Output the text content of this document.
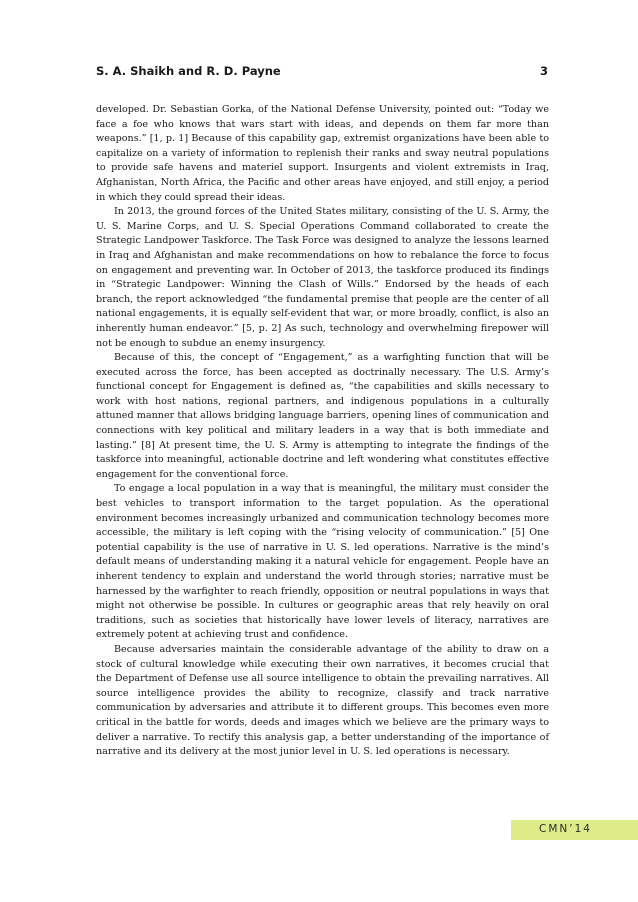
S. A. Shaikh and R. D. Payne	3

developed. Dr. Sebastian Gorka, of the National Defense University, pointed out: “Today we face a foe who knows that wars start with ideas, and depends on them far more than weapons.” [1, p. 1] Because of this capability gap, extremist organizations have been able to capitalize on a variety of information to replenish their ranks and sway neutral populations to provide safe havens and materiel support. Insurgents and violent extremists in Iraq, Afghanistan, North Africa, the Pacific and other areas have enjoyed, and still enjoy, a period in which they could spread their ideas.

In 2013, the ground forces of the United States military, consisting of the U. S. Army, the U. S. Marine Corps, and U. S. Special Operations Command collaborated to create the Strategic Landpower Taskforce. The Task Force was designed to analyze the lessons learned in Iraq and Afghanistan and make recommendations on how to rebalance the force to focus on engagement and preventing war. In October of 2013, the taskforce produced its findings in “Strategic Landpower: Winning the Clash of Wills.” Endorsed by the heads of each branch, the report acknowledged “the fundamental premise that people are the center of all national engagements, it is equally self-evident that war, or more broadly, conflict, is also an inherently human endeavor.” [5, p. 2] As such, technology and overwhelming firepower will not be enough to subdue an enemy insurgency.

Because of this, the concept of “Engagement,” as a warfighting function that will be executed across the force, has been accepted as doctrinally necessary. The U.S. Army’s functional concept for Engagement is defined as, “the capabilities and skills necessary to work with host nations, regional partners, and indigenous populations in a culturally attuned manner that allows bridging language barriers, opening lines of communication and connections with key political and military leaders in a way that is both immediate and lasting.” [8] At present time, the U. S. Army is attempting to integrate the findings of the taskforce into meaningful, actionable doctrine and left wondering what constitutes effective engagement for the conventional force.

To engage a local population in a way that is meaningful, the military must consider the best vehicles to transport information to the target population. As the operational environment becomes increasingly urbanized and communication technology becomes more accessible, the military is left coping with the “rising velocity of communication.” [5] One potential capability is the use of narrative in U. S. led operations. Narrative is the mind’s default means of understanding making it a natural vehicle for engagement. People have an inherent tendency to explain and understand the world through stories; narrative must be harnessed by the warfighter to reach friendly, opposition or neutral populations in ways that might not otherwise be possible. In cultures or geographic areas that rely heavily on oral traditions, such as societies that historically have lower levels of literacy, narratives are extremely potent at achieving trust and confidence.

Because adversaries maintain the considerable advantage of the ability to draw on a stock of cultural knowledge while executing their own narratives, it becomes crucial that the Department of Defense use all source intelligence to obtain the prevailing narratives. All source intelligence provides the ability to recognize, classify and track narrative communication by adversaries and attribute it to different groups. This becomes even more critical in the battle for words, deeds and images which we believe are the primary ways to deliver a narrative. To rectify this analysis gap, a better understanding of the importance of narrative and its delivery at the most junior level in U. S. led operations is necessary.

CMN’14
